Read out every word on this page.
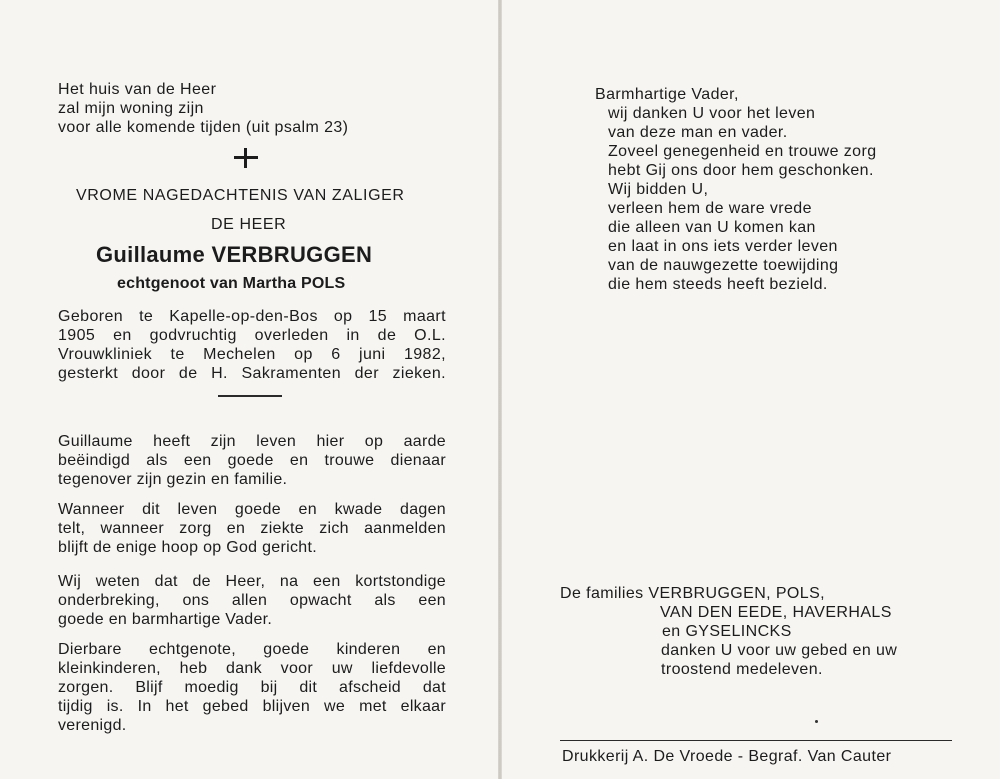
Het huis van de Heer
zal mijn woning zijn
voor alle komende tijden (uit psalm 23)
VROME NAGEDACHTENIS VAN ZALIGER
DE HEER
Guillaume VERBRUGGEN
echtgenoot van Martha POLS
Geboren te Kapelle-op-den-Bos op 15 maart
1905 en godvruchtig overleden in de O.L.
Vrouwkliniek te Mechelen op 6 juni 1982,
gesterkt door de H. Sakramenten der zieken.
Guillaume heeft zijn leven hier op aarde
beëindigd als een goede en trouwe dienaar
tegenover zijn gezin en familie.
Wanneer dit leven goede en kwade dagen
telt, wanneer zorg en ziekte zich aanmelden
blijft de enige hoop op God gericht.
Wij weten dat de Heer, na een kortstondige
onderbreking, ons allen opwacht als een
goede en barmhartige Vader.
Dierbare echtgenote, goede kinderen en
kleinkinderen, heb dank voor uw liefdevolle
zorgen. Blijf moedig bij dit afscheid dat
tijdig is. In het gebed blijven we met elkaar
verenigd.
Barmhartige Vader,
wij danken U voor het leven
van deze man en vader.
Zoveel genegenheid en trouwe zorg
hebt Gij ons door hem geschonken.
Wij bidden U,
verleen hem de ware vrede
die alleen van U komen kan
en laat in ons iets verder leven
van de nauwgezette toewijding
die hem steeds heeft bezield.
De families VERBRUGGEN, POLS,
VAN DEN EEDE, HAVERHALS
en GYSELINCKS
danken U voor uw gebed en uw
troostend medeleven.
Drukkerij A. De Vroede - Begraf. Van Cauter
